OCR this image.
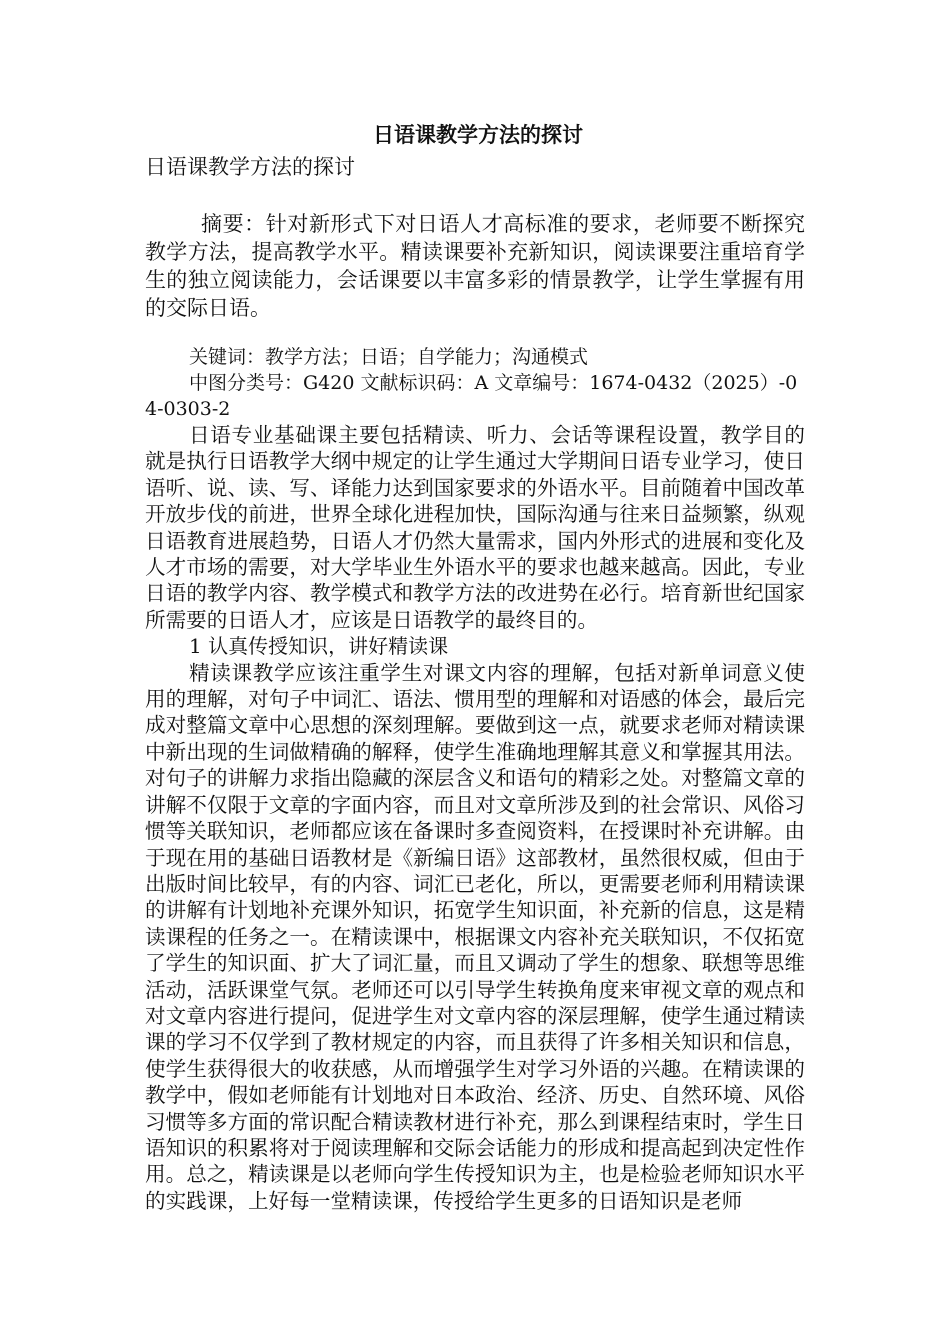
日语课教学方法的探讨

日语课教学方法的探讨

摘要：针对新形式下对日语人才高标准的要求，老师要不断探究教学方法，提高教学水平。精读课要补充新知识，阅读课要注重培育学生的独立阅读能力，会话课要以丰富多彩的情景教学，让学生掌握有用的交际日语。

关键词：教学方法；日语；自学能力；沟通模式

中图分类号：G420 文献标识码：A 文章编号：1674-0432（2025）-04-0303-2

日语专业基础课主要包括精读、听力、会话等课程设置，教学目的就是执行日语教学大纲中规定的让学生通过大学期间日语专业学习，使日语听、说、读、写、译能力达到国家要求的外语水平。目前随着中国改革开放步伐的前进，世界全球化进程加快，国际沟通与往来日益频繁，纵观日语教育进展趋势，日语人才仍然大量需求，国内外形式的进展和变化及人才市场的需要，对大学毕业生外语水平的要求也越来越高。因此，专业日语的教学内容、教学模式和教学方法的改进势在必行。培育新世纪国家所需要的日语人才，应该是日语教学的最终目的。

1 认真传授知识，讲好精读课

精读课教学应该注重学生对课文内容的理解，包括对新单词意义使用的理解，对句子中词汇、语法、惯用型的理解和对语感的体会，最后完成对整篇文章中心思想的深刻理解。要做到这一点，就要求老师对精读课中新出现的生词做精确的解释，使学生准确地理解其意义和掌握其用法。对句子的讲解力求指出隐藏的深层含义和语句的精彩之处。对整篇文章的讲解不仅限于文章的字面内容，而且对文章所涉及到的社会常识、风俗习惯等关联知识，老师都应该在备课时多查阅资料，在授课时补充讲解。由于现在用的基础日语教材是《新编日语》这部教材，虽然很权威，但由于出版时间比较早，有的内容、词汇已老化，所以，更需要老师利用精读课的讲解有计划地补充课外知识，拓宽学生知识面，补充新的信息，这是精读课程的任务之一。在精读课中，根据课文内容补充关联知识，不仅拓宽了学生的知识面、扩大了词汇量，而且又调动了学生的想象、联想等思维活动，活跃课堂气氛。老师还可以引导学生转换角度来审视文章的观点和对文章内容进行提问，促进学生对文章内容的深层理解，使学生通过精读课的学习不仅学到了教材规定的内容，而且获得了许多相关知识和信息，使学生获得很大的收获感，从而增强学生对学习外语的兴趣。在精读课的教学中，假如老师能有计划地对日本政治、经济、历史、自然环境、风俗习惯等多方面的常识配合精读教材进行补充，那么到课程结束时，学生日语知识的积累将对于阅读理解和交际会话能力的形成和提高起到决定性作用。总之，精读课是以老师向学生传授知识为主，也是检验老师知识水平的实践课，上好每一堂精读课，传授给学生更多的日语知识是老师
